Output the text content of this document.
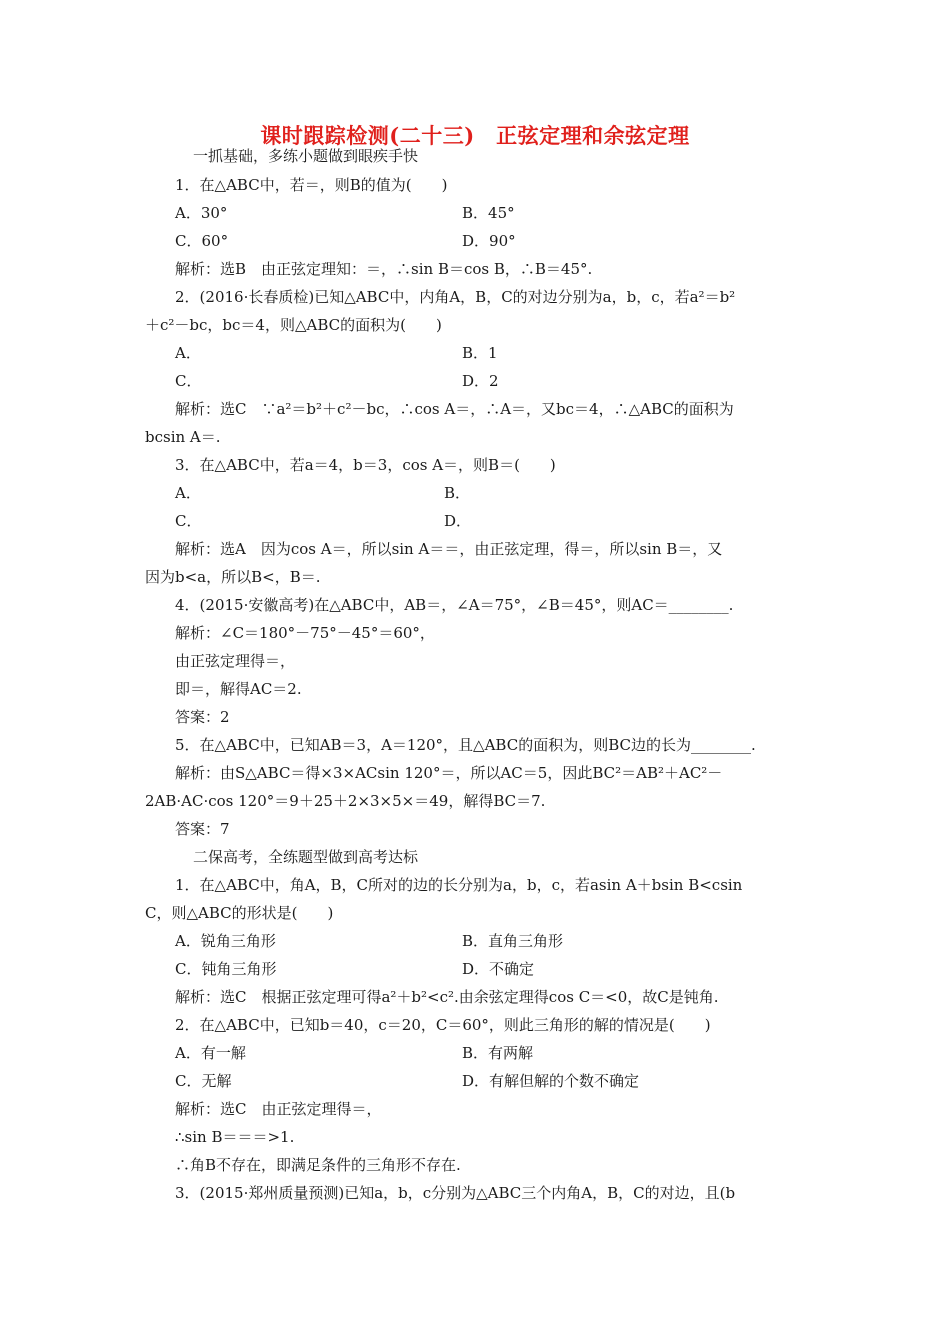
课时跟踪检测(二十三)　正弦定理和余弦定理
一抓基础，多练小题做到眼疾手快
1．在△ABC中，若＝，则B的值为(　　)
A．30°	B．45°
C．60°	D．90°
解析：选B　由正弦定理知：＝，∴sin B＝cos B，∴B＝45°.
2．(2016·长春质检)已知△ABC中，内角A，B，C的对边分别为a，b，c，若a²＝b²
＋c²－bc，bc＝4，则△ABC的面积为(　　)
A．	B．1
C．	D．2
解析：选C　∵a²＝b²＋c²－bc，∴cos A＝，∴A＝，又bc＝4，∴△ABC的面积为
bcsin A＝.
3．在△ABC中，若a＝4，b＝3，cos A＝，则B＝(　　)
A．	B．
C．	D．
解析：选A　因为cos A＝，所以sin A＝＝，由正弦定理，得＝，所以sin B＝，又
因为b<a，所以B<，B＝.
4．(2015·安徽高考)在△ABC中，AB＝，∠A＝75°，∠B＝45°，则AC＝________.
解析：∠C＝180°－75°－45°＝60°，
由正弦定理得＝，
即＝，解得AC＝2.
答案：2
5．在△ABC中，已知AB＝3，A＝120°，且△ABC的面积为，则BC边的长为________.
解析：由S△ABC＝得×3×ACsin 120°＝，所以AC＝5，因此BC²＝AB²＋AC²－
2AB·AC·cos 120°＝9＋25＋2×3×5×＝49，解得BC＝7.
答案：7
二保高考，全练题型做到高考达标
1．在△ABC中，角A，B，C所对的边的长分别为a，b，c，若asin A＋bsin B<csin
C，则△ABC的形状是(　　)
A．锐角三角形	B．直角三角形
C．钝角三角形	D．不确定
解析：选C　根据正弦定理可得a²＋b²<c².由余弦定理得cos C＝<0，故C是钝角.
2．在△ABC中，已知b＝40，c＝20，C＝60°，则此三角形的解的情况是(　　)
A．有一解	B．有两解
C．无解	D．有解但解的个数不确定
解析：选C　由正弦定理得＝，
∴sin B＝＝＝>1.
∴角B不存在，即满足条件的三角形不存在.
3．(2015·郑州质量预测)已知a，b，c分别为△ABC三个内角A，B，C的对边，且(b
